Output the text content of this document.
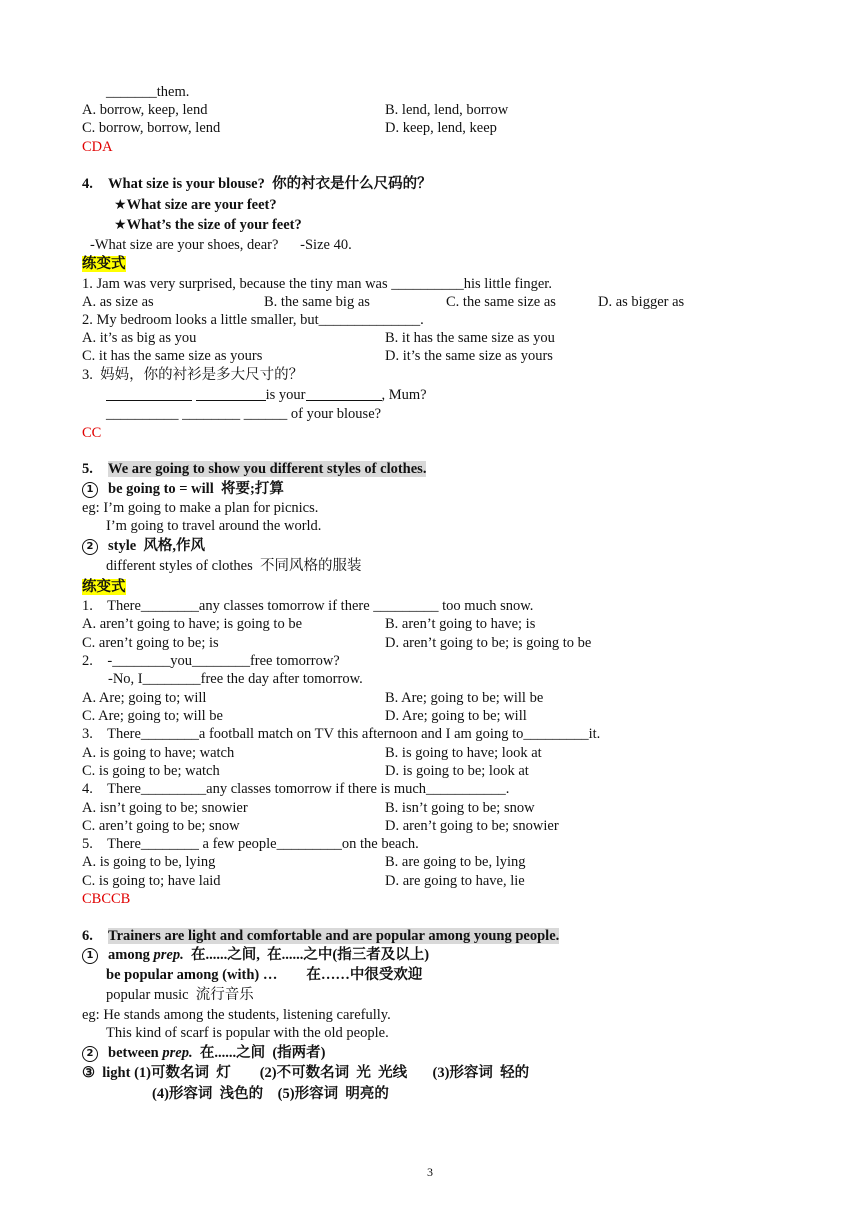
_______them.
A. borrow, keep, lend	B. lend, lend, borrow
C. borrow, borrow, lend	D. keep, lend, keep
CDA
4. What size is your blouse?  你的衬衣是什么尺码的？
★What size are your feet?
★What’s the size of your feet?
-What size are your shoes, dear?      -Size 40.
练变式
1. Jam was very surprised, because the tiny man was __________his little finger.
A. as size as	B. the same big as	C. the same size as	D. as bigger as
2. My bedroom looks a little smaller, but______________.
A. it’s as big as you	B. it has the same size as you
C. it has the same size as yours	D. it’s the same size as yours
3.  妈妈，你的衬衫是多大尺寸的？
is your	, Mum?
__________ ________ ______ of your blouse?
CC
5. We are going to show you different styles of clothes.
1 be going to = will  将要;打算
eg: I’m going to make a plan for picnics.
I’m going to travel around the world.
2 style  风格,作风
different styles of clothes  不同风格的服装
练变式
1.    There________any classes tomorrow if there _________ too much snow.
A. aren’t going to have; is going to be	B. aren’t going to have; is
C. aren’t going to be; is	D. aren’t going to be; is going to be
2.    -________you________free tomorrow?
-No, I________free the day after tomorrow.
A. Are; going to; will	B. Are; going to be; will be
C. Are; going to; will be	D. Are; going to be; will
3.    There________a football match on TV this afternoon and I am going to_________it.
A. is going to have; watch	B. is going to have; look at
C. is going to be; watch	D. is going to be; look at
4.    There_________any classes tomorrow if there is much___________.
A. isn’t going to be; snowier	B. isn’t going to be; snow
C. aren’t going to be; snow	D. aren’t going to be; snowier
5.    There________ a few people_________on the beach.
A. is going to be, lying	B. are going to be, lying
C. is going to; have laid	D. are going to have, lie
CBCCB
6. Trainers are light and comfortable and are popular among young people.
1 among prep.  在......之间,  在......之中(指三者及以上)
be popular among (with) …        在……中很受欢迎
popular music  流行音乐
eg: He stands among the students, listening carefully.
This kind of scarf is popular with the old people.
2 between prep.  在......之间  (指两者)
③ light (1)可数名词  灯        (2)不可数名词  光  光线       (3)形容词  轻的
(4)形容词  浅色的    (5)形容词  明亮的
3
